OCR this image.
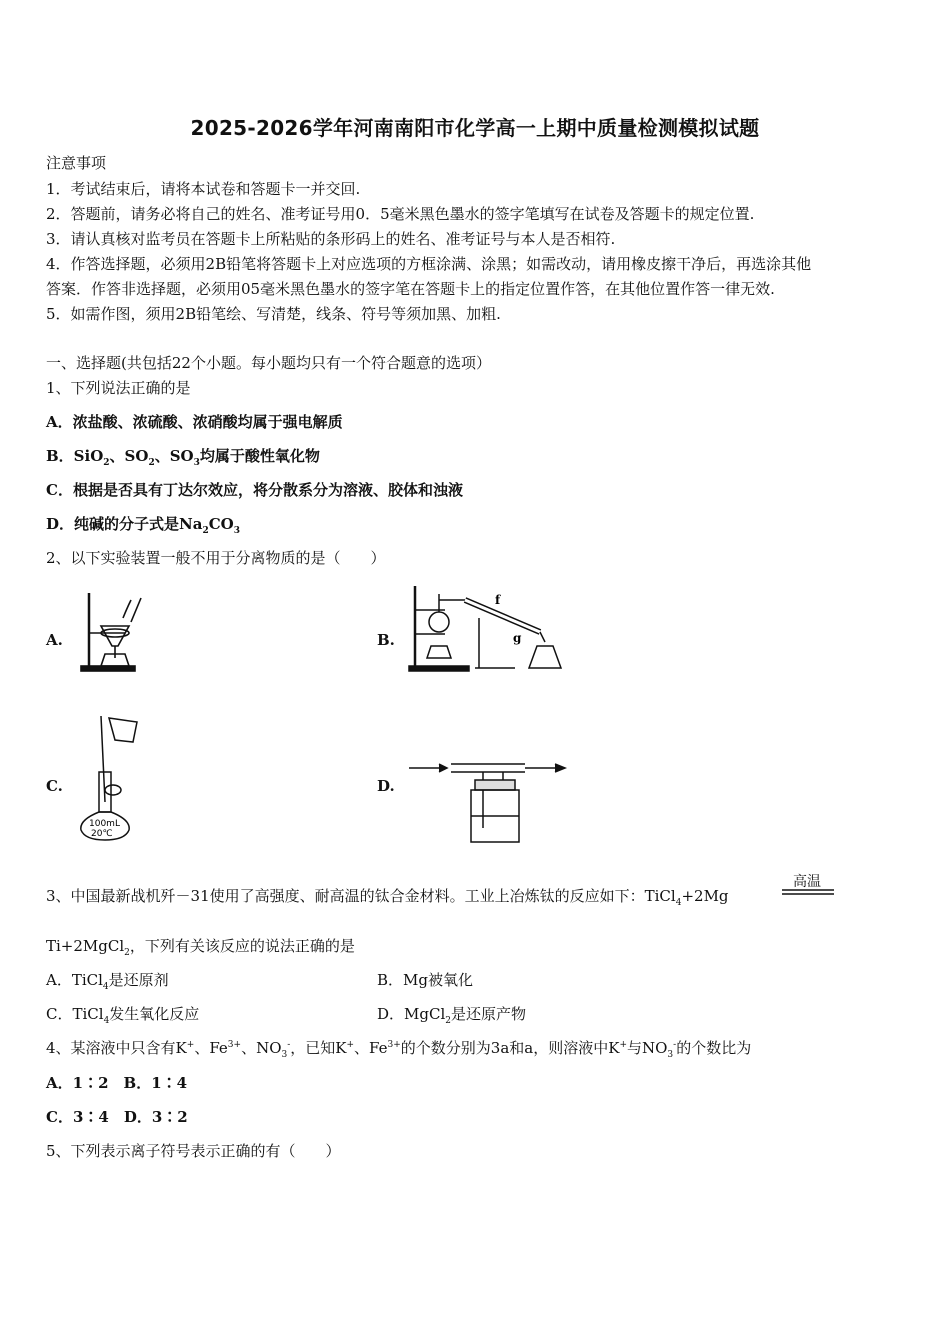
2025-2026学年河南南阳市化学高一上期中质量检测模拟试题
注意事项
1．考试结束后，请将本试卷和答题卡一并交回.
2．答题前，请务必将自己的姓名、准考证号用0．5毫米黑色墨水的签字笔填写在试卷及答题卡的规定位置.
3．请认真核对监考员在答题卡上所粘贴的条形码上的姓名、准考证号与本人是否相符.
4．作答选择题，必须用2B铅笔将答题卡上对应选项的方框涂满、涂黑；如需改动，请用橡皮擦干净后，再选涂其他
答案．作答非选择题，必须用05毫米黑色墨水的签字笔在答题卡上的指定位置作答，在其他位置作答一律无效.
5．如需作图，须用2B铅笔绘、写清楚，线条、符号等须加黑、加粗.
一、选择题(共包括22个小题。每小题均只有一个符合题意的选项）
1、下列说法正确的是
A．浓盐酸、浓硫酸、浓硝酸均属于强电解质
B．SiO$_2$、$SO_2$、$SO_3$均属于酸性氧化物
C．根据是否具有丁达尔效应，将分散系分为溶液、胶体和浊液
D．纯碱的分子式是$Na_2CO_3$
2、以下实验装置一般不用于分离物质的是（　　）
A.	B.
f
g
C.
100mL
20℃
D.
3、中国最新战机歼－31使用了高强度、耐高温的钛合金材料。工业上冶炼钛的反应如下：TiCl$_4$+2Mg
高温
Ti+2MgCl$_2$，下列有关该反应的说法正确的是
A．TiCl$_4$是还原剂	B．Mg被氧化
C．TiCl$_4$发生氧化反应	D．MgCl$_2$是还原产物
4、某溶液中只含有K+、$Fe^{3+}$、$NO_3^-$，已知K+、$Fe^{3+}$的个数分别为3a和a，则溶液中K+与$NO_3^-$的个数比为
A．1∶2　B．1∶4
C．3∶4　D．3∶2
5、下列表示离子符号表示正确的有（　　）
